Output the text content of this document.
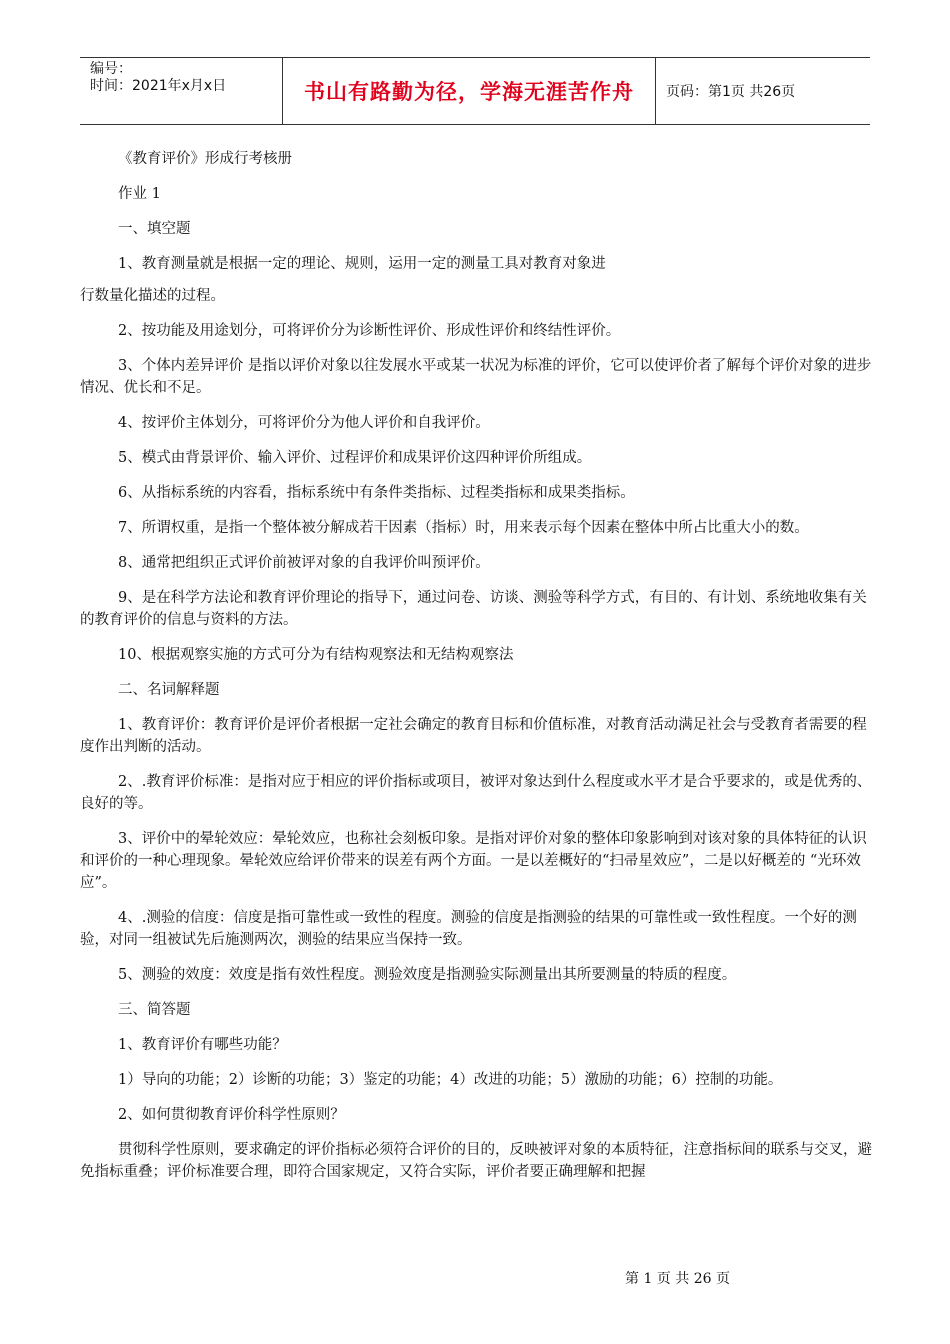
编号：
时间：2021年x月x日	书山有路勤为径，学海无涯苦作舟	页码：第1页 共26页

《教育评价》形成行考核册

作业 1

一、填空题

1、教育测量就是根据一定的理论、规则，运用一定的测量工具对教育对象进

行数量化描述的过程。

2、按功能及用途划分，可将评价分为诊断性评价、形成性评价和终结性评价。

3、个体内差异评价 是指以评价对象以往发展水平或某一状况为标准的评价，它可以使评价者了解每个评价对象的进步情况、优长和不足。

4、按评价主体划分，可将评价分为他人评价和自我评价。

5、模式由背景评价、输入评价、过程评价和成果评价这四种评价所组成。

6、从指标系统的内容看，指标系统中有条件类指标、过程类指标和成果类指标。

7、所谓权重，是指一个整体被分解成若干因素（指标）时，用来表示每个因素在整体中所占比重大小的数。

8、通常把组织正式评价前被评对象的自我评价叫预评价。

9、是在科学方法论和教育评价理论的指导下，通过问卷、访谈、测验等科学方式，有目的、有计划、系统地收集有关的教育评价的信息与资料的方法。

10、根据观察实施的方式可分为有结构观察法和无结构观察法

二、名词解释题

1、教育评价：教育评价是评价者根据一定社会确定的教育目标和价值标准，对教育活动满足社会与受教育者需要的程度作出判断的活动。

2、.教育评价标准：是指对应于相应的评价指标或项目，被评对象达到什么程度或水平才是合乎要求的，或是优秀的、良好的等。

3、评价中的晕轮效应：晕轮效应，也称社会刻板印象。是指对评价对象的整体印象影响到对该对象的具体特征的认识和评价的一种心理现象。晕轮效应给评价带来的误差有两个方面。一是以差概好的“扫帚星效应”，二是以好概差的 “光环效应”。

4、.测验的信度：信度是指可靠性或一致性的程度。测验的信度是指测验的结果的可靠性或一致性程度。一个好的测验，对同一组被试先后施测两次，测验的结果应当保持一致。

5、测验的效度：效度是指有效性程度。测验效度是指测验实际测量出其所要测量的特质的程度。

三、简答题

1、教育评价有哪些功能？

1）导向的功能；2）诊断的功能；3）鉴定的功能；4）改进的功能；5）激励的功能；6）控制的功能。

2、如何贯彻教育评价科学性原则？

贯彻科学性原则，要求确定的评价指标必须符合评价的目的，反映被评对象的本质特征，注意指标间的联系与交叉，避免指标重叠；评价标准要合理，即符合国家规定，又符合实际，评价者要正确理解和把握

第 1 页 共 26 页
